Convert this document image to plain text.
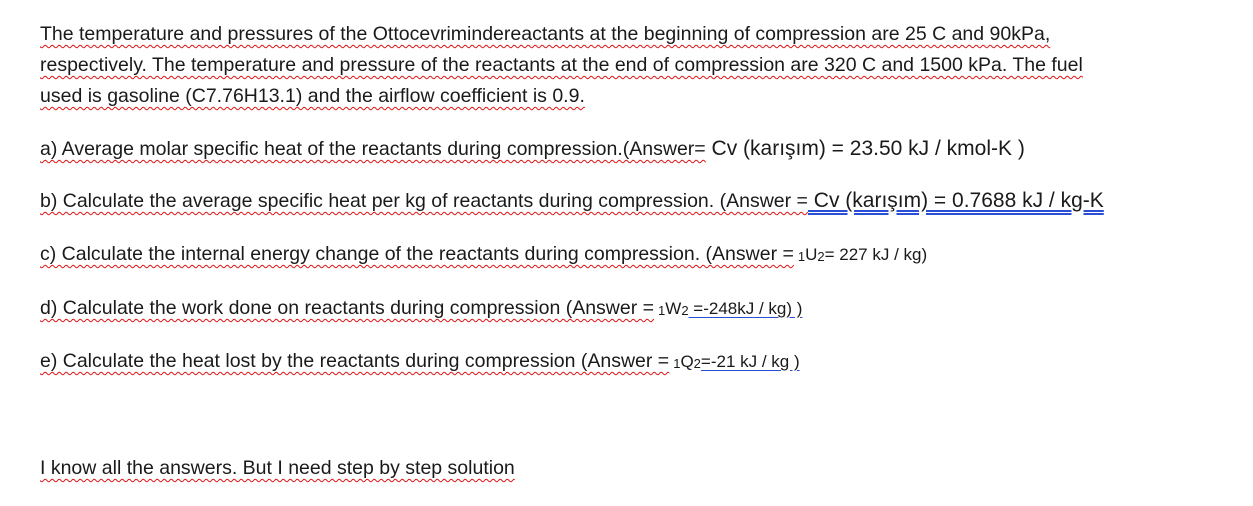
The temperature and pressures of the Ottocevrimindereactants at the beginning of compression are 25 C and 90kPa,
respectively. The temperature and pressure of the reactants at the end of compression are 320 C and 1500 kPa. The fuel
used is gasoline (C7.76H13.1) and the airflow coefficient is 0.9.
a) Average molar specific heat of the reactants during compression.(Answer= Cv (karışım) = 23.50 kJ / kmol-K )
b) Calculate the average specific heat per kg of reactants during compression. (Answer = Cv (karışım) = 0.7688 kJ / kg-K
c) Calculate the internal energy change of the reactants during compression. (Answer = 1U2= 227 kJ / kg)
d) Calculate the work done on reactants during compression (Answer = 1W2 =-248kJ / kg) )
e) Calculate the heat lost by the reactants during compression (Answer = 1Q2=-21 kJ / kg )
I know all the answers. But I need step by step solution
